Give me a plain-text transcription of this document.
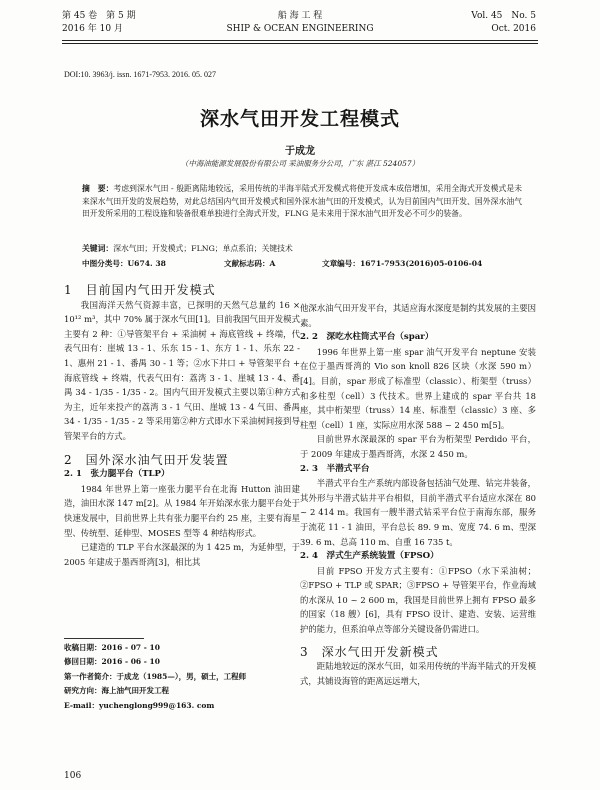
第 45 卷　第 5 期
2016 年 10 月
船 海 工 程
SHIP & OCEAN ENGINEERING
Vol. 45　No. 5
Oct. 2016
DOI:10. 3963/j. issn. 1671-7953. 2016. 05. 027
深水气田开发工程模式
于成龙
（中海油能源发展股份有限公司 采油服务分公司，广东 湛江 524057）
摘　要：考虑到深水气田 - 般距离陆地较远，采用传统的半海半陆式开发模式将使开发成本成倍增加，采用全海式开发模式是未来深水气田开发的发展趋势，对此总结国内气田开发模式和国外深水油气田的开发模式，认为目前国内气田开发、国外深水油气田开发所采用的工程设施和装备很难单独进行全海式开发，FLNG 是未来用于深水油气田开发必不可少的装备。
关键词：深水气田；开发模式；FLNG；单点系泊；关键技术
中图分类号：U674. 38	文献标志码：A	文章编号：1671-7953(2016)05-0106-04

1　目前国内气田开发模式

我国海洋天然气资源丰富，已探明的天然气总量约 16 × 10¹² m³，其中 70% 属于深水气田[1]。目前我国气田开发模式主要有 2 种：①导管架平台 + 采油树 + 海底管线 + 终端，代表气田有：崖城 13 - 1、乐东 15 - 1、东方 1 - 1、乐东 22 - 1、惠州 21 - 1、番禺 30 - 1 等；②水下井口 + 导管架平台 + 海底管线 + 终端，代表气田有：荔湾 3 - 1、崖城 13 - 4、番禺 34 - 1/35 - 1/35 - 2。国内气田开发模式主要以第①种方式为主，近年来投产的荔湾 3 - 1 气田、崖城 13 - 4 气田、番禺 34 - 1/35 - 1/35 - 2 等采用第②种方式即水下采油树间接到导管架平台的方式。

2　国外深水油气田开发装置

2. 1　张力腿平台（TLP）

1984 年世界上第一座张力腿平台在北海 Hutton 油田建造，油田水深 147 m[2]。从 1984 年开始深水张力腿平台处于快速发展中，目前世界上共有张力腿平台约 25 座，主要有海星型、传统型、延伸型、MOSES 型等 4 种结构形式。

已建造的 TLP 平台水深最深的为 1 425 m，为延伸型，于 2005 年建成于墨西哥湾[3]，相比其

他深水油气田开发平台，其适应海水深度是制约其发展的主要因素。

2. 2　深吃水柱筒式平台（spar）

1996 年世界上第一座 spar 油气开发平台 neptune 安装在位于墨西哥湾的 Vio son knoll 826 区块（水深 590 m）[4]。目前，spar 形成了标准型（classic）、桁架型（truss）和多柱型（cell）3 代技术。世界上建成的 spar 平台共 18 座，其中桁架型（truss）14 座、标准型（classic）3 座、多柱型（cell）1 座，实际应用水深 588 ~ 2 450 m[5]。

目前世界水深最深的 spar 平台为桁架型 Perdido 平台，于 2009 年建成于墨西哥湾，水深 2 450 m。

2. 3　半潜式平台

半潜式平台生产系统内部设备包括油气处理、钻完井装备，其外形与半潜式钻井平台相似，目前半潜式平台适应水深在 80 ~ 2 414 m。我国有一艘半潜式钻采平台位于南海东部，服务于流花 11 - 1 油田，平台总长 89. 9 m、宽度 74. 6 m、型深 39. 6 m、总高 110 m、自重 16 735 t。

2. 4　浮式生产系统装置（FPSO）

目前 FPSO 开发方式主要有：①FPSO（水下采油树；②FPSO + TLP 或 SPAR；③FPSO + 导管架平台，作业海域的水深从 10 ~ 2 600 m，我国是目前世界上拥有 FPSO 最多的国家（18 艘）[6]，具有 FPSO 设计、建造、安装、运营维护的能力，但系泊单点等部分关键设备仍需进口。

3　深水气田开发新模式

距陆地较远的深水气田，如采用传统的半海半陆式的开发模式，其铺设海管的距离远远增大，

收稿日期：2016 - 07 - 10
修回日期：2016 - 06 - 10
第一作者简介：于成龙（1985—），男，硕士，工程师
研究方向：海上油气田开发工程
E-mail：yuchenglong999@163. com
106
